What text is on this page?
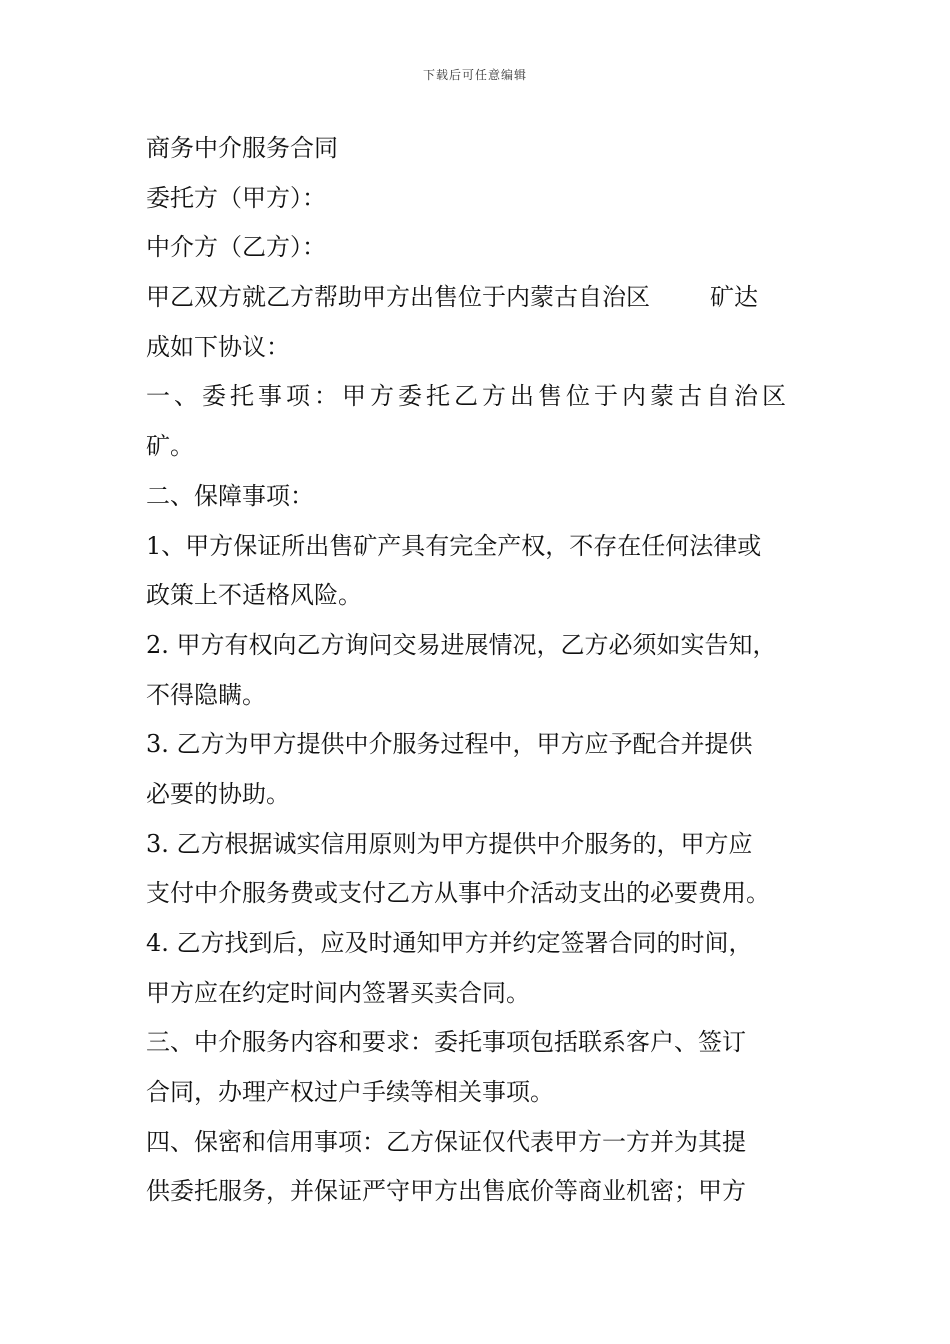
下载后可任意编辑
商务中介服务合同
委托方（甲方）：
中介方（乙方）：
甲乙双方就乙方帮助甲方出售位于内蒙古自治区	矿达
成如下协议：
一、委托事项：甲方委托乙方出售位于内蒙古自治区
矿。
二、保障事项：
1、甲方保证所出售矿产具有完全产权，不存在任何法律或
政策上不适格风险。
2. 甲方有权向乙方询问交易进展情况，乙方必须如实告知，
不得隐瞒。
3. 乙方为甲方提供中介服务过程中，甲方应予配合并提供
必要的协助。
3. 乙方根据诚实信用原则为甲方提供中介服务的，甲方应
支付中介服务费或支付乙方从事中介活动支出的必要费用。
4. 乙方找到后，应及时通知甲方并约定签署合同的时间，
甲方应在约定时间内签署买卖合同。
三、中介服务内容和要求：委托事项包括联系客户、签订
合同，办理产权过户手续等相关事项。
四、保密和信用事项：乙方保证仅代表甲方一方并为其提
供委托服务，并保证严守甲方出售底价等商业机密；甲方
